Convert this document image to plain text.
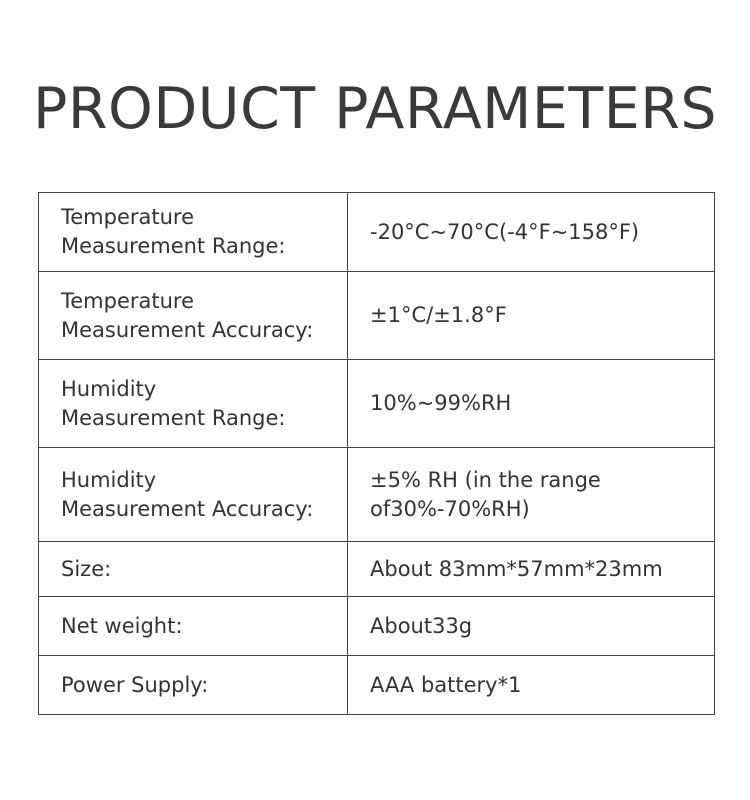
PRODUCT PARAMETERS
Temperature
Measurement Range:	-20°C~70°C(-4°F~158°F)

Temperature
Measurement Accuracy:	±1°C/±1.8°F

Humidity
Measurement Range:	10%~99%RH

Humidity
Measurement Accuracy:	±5% RH (in the range
of30%-70%RH)

Size:	About 83mm*57mm*23mm

Net weight:	About33g

Power Supply:	AAA battery*1
